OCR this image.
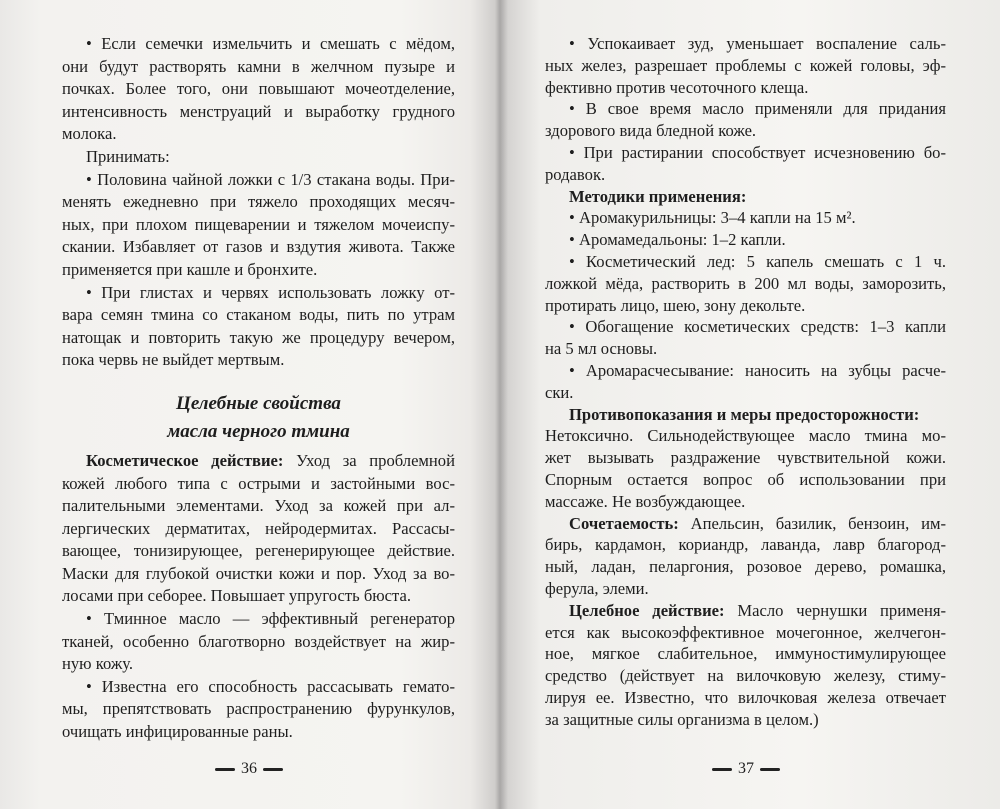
• Если семечки измельчить и смешать с мёдом,
они будут растворять камни в желчном пузыре и
почках. Более того, они повышают мочеотделение,
интенсивность менструаций и выработку грудного
молока.
Принимать:
• Половина чайной ложки с 1/3 стакана воды. При-
менять ежедневно при тяжело проходящих месяч-
ных, при плохом пищеварении и тяжелом мочеиспу-
скании. Избавляет от газов и вздутия живота. Также
применяется при кашле и бронхите.
• При глистах и червях использовать ложку от-
вара семян тмина со стаканом воды, пить по утрам
натощак и повторить такую же процедуру вечером,
пока червь не выйдет мертвым.
Целебные свойства
масла черного тмина
Косметическое действие: Уход за проблемной
кожей любого типа с острыми и застойными вос-
палительными элементами. Уход за кожей при ал-
лергических дерматитах, нейродермитах. Рассасы-
вающее, тонизирующее, регенерирующее действие.
Маски для глубокой очистки кожи и пор. Уход за во-
лосами при себорее. Повышает упругость бюста.
• Тминное масло — эффективный регенератор
тканей, особенно благотворно воздействует на жир-
ную кожу.
• Известна его способность рассасывать гемато-
мы, препятствовать распространению фурункулов,
очищать инфицированные раны.
• Успокаивает зуд, уменьшает воспаление саль-
ных желез, разрешает проблемы с кожей головы, эф-
фективно против чесоточного клеща.
• В свое время масло применяли для придания
здорового вида бледной коже.
• При растирании способствует исчезновению бо-
родавок.
Методики применения:
• Аромакурильницы: 3–4 капли на 15 м².
• Аромамедальоны: 1–2 капли.
• Косметический лед: 5 капель смешать с 1 ч.
ложкой мёда, растворить в 200 мл воды, заморозить,
протирать лицо, шею, зону декольте.
• Обогащение косметических средств: 1–3 капли
на 5 мл основы.
• Аромарасчесывание: наносить на зубцы расче-
ски.
Противопоказания и меры предосторожности:
Нетоксично. Сильнодействующее масло тмина мо-
жет вызывать раздражение чувствительной кожи.
Спорным остается вопрос об использовании при
массаже. Не возбуждающее.
Сочетаемость: Апельсин, базилик, бензоин, им-
бирь, кардамон, кориандр, лаванда, лавр благород-
ный, ладан, пеларгония, розовое дерево, ромашка,
ферула, элеми.
Целебное действие: Масло чернушки применя-
ется как высокоэффективное мочегонное, желчегон-
ное, мягкое слабительное, иммуностимулирующее
средство (действует на вилочковую железу, стиму-
лируя ее. Известно, что вилочковая железа отвечает
за защитные силы организма в целом.)
36	37
